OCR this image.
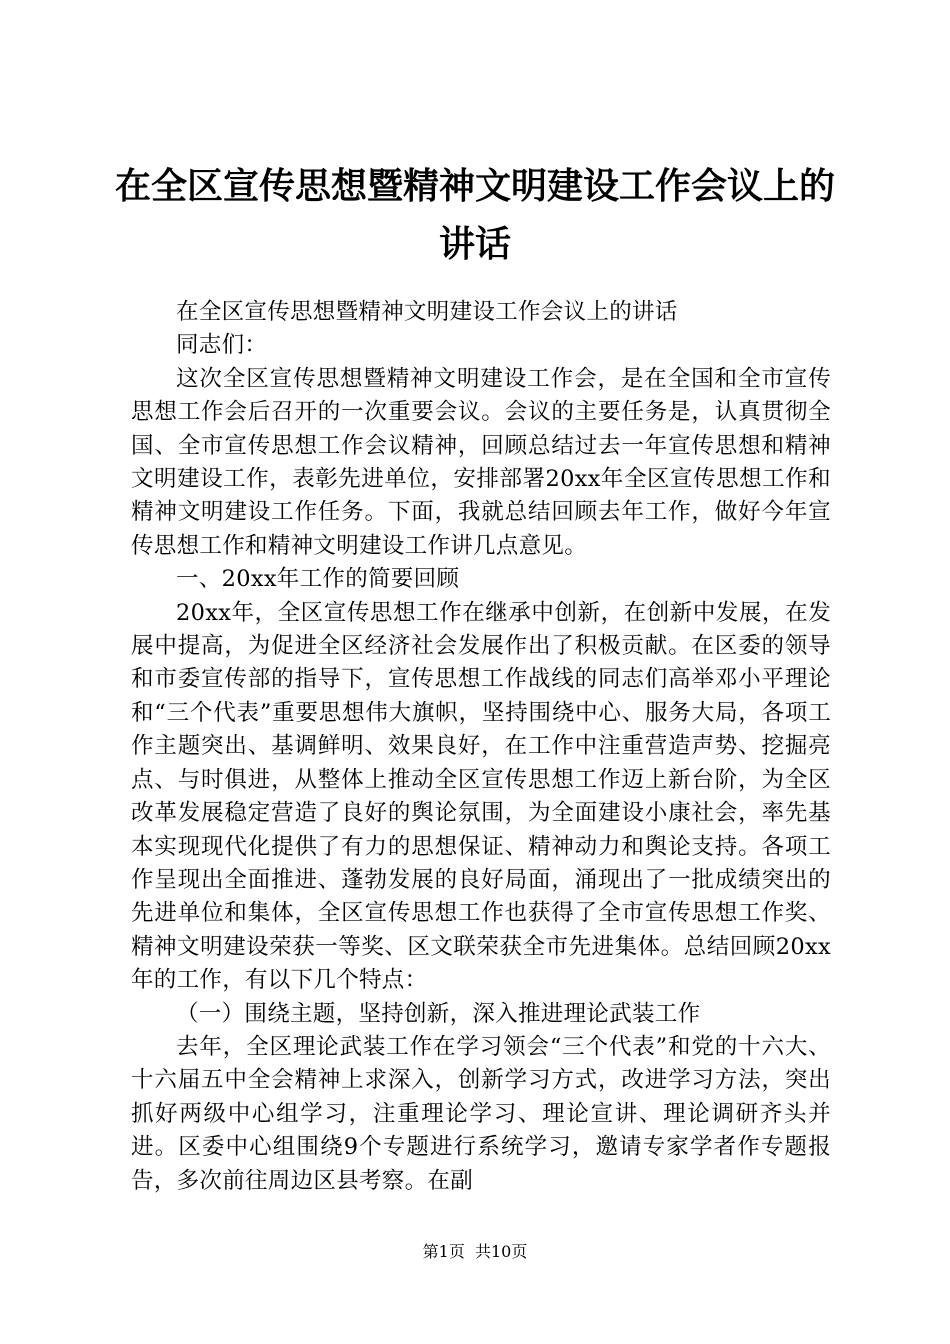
在全区宣传思想暨精神文明建设工作会议上的
讲话

在全区宣传思想暨精神文明建设工作会议上的讲话

同志们：

这次全区宣传思想暨精神文明建设工作会，是在全国和全市宣传思想工作会后召开的一次重要会议。会议的主要任务是，认真贯彻全国、全市宣传思想工作会议精神，回顾总结过去一年宣传思想和精神文明建设工作，表彰先进单位，安排部署20xx年全区宣传思想工作和精神文明建设工作任务。下面，我就总结回顾去年工作，做好今年宣传思想工作和精神文明建设工作讲几点意见。

一、20xx年工作的简要回顾

20xx年，全区宣传思想工作在继承中创新，在创新中发展，在发展中提高，为促进全区经济社会发展作出了积极贡献。在区委的领导和市委宣传部的指导下，宣传思想工作战线的同志们高举邓小平理论和“三个代表”重要思想伟大旗帜，坚持围绕中心、服务大局，各项工作主题突出、基调鲜明、效果良好，在工作中注重营造声势、挖掘亮点、与时俱进，从整体上推动全区宣传思想工作迈上新台阶，为全区改革发展稳定营造了良好的舆论氛围，为全面建设小康社会，率先基本实现现代化提供了有力的思想保证、精神动力和舆论支持。各项工作呈现出全面推进、蓬勃发展的良好局面，涌现出了一批成绩突出的先进单位和集体，全区宣传思想工作也获得了全市宣传思想工作奖、精神文明建设荣获一等奖、区文联荣获全市先进集体。总结回顾20xx年的工作，有以下几个特点：

（一）围绕主题，坚持创新，深入推进理论武装工作

去年，全区理论武装工作在学习领会“三个代表”和党的十六大、十六届五中全会精神上求深入，创新学习方式，改进学习方法，突出抓好两级中心组学习，注重理论学习、理论宣讲、理论调研齐头并进。区委中心组围绕9个专题进行系统学习，邀请专家学者作专题报告，多次前往周边区县考察。在副

第1页  共10页
